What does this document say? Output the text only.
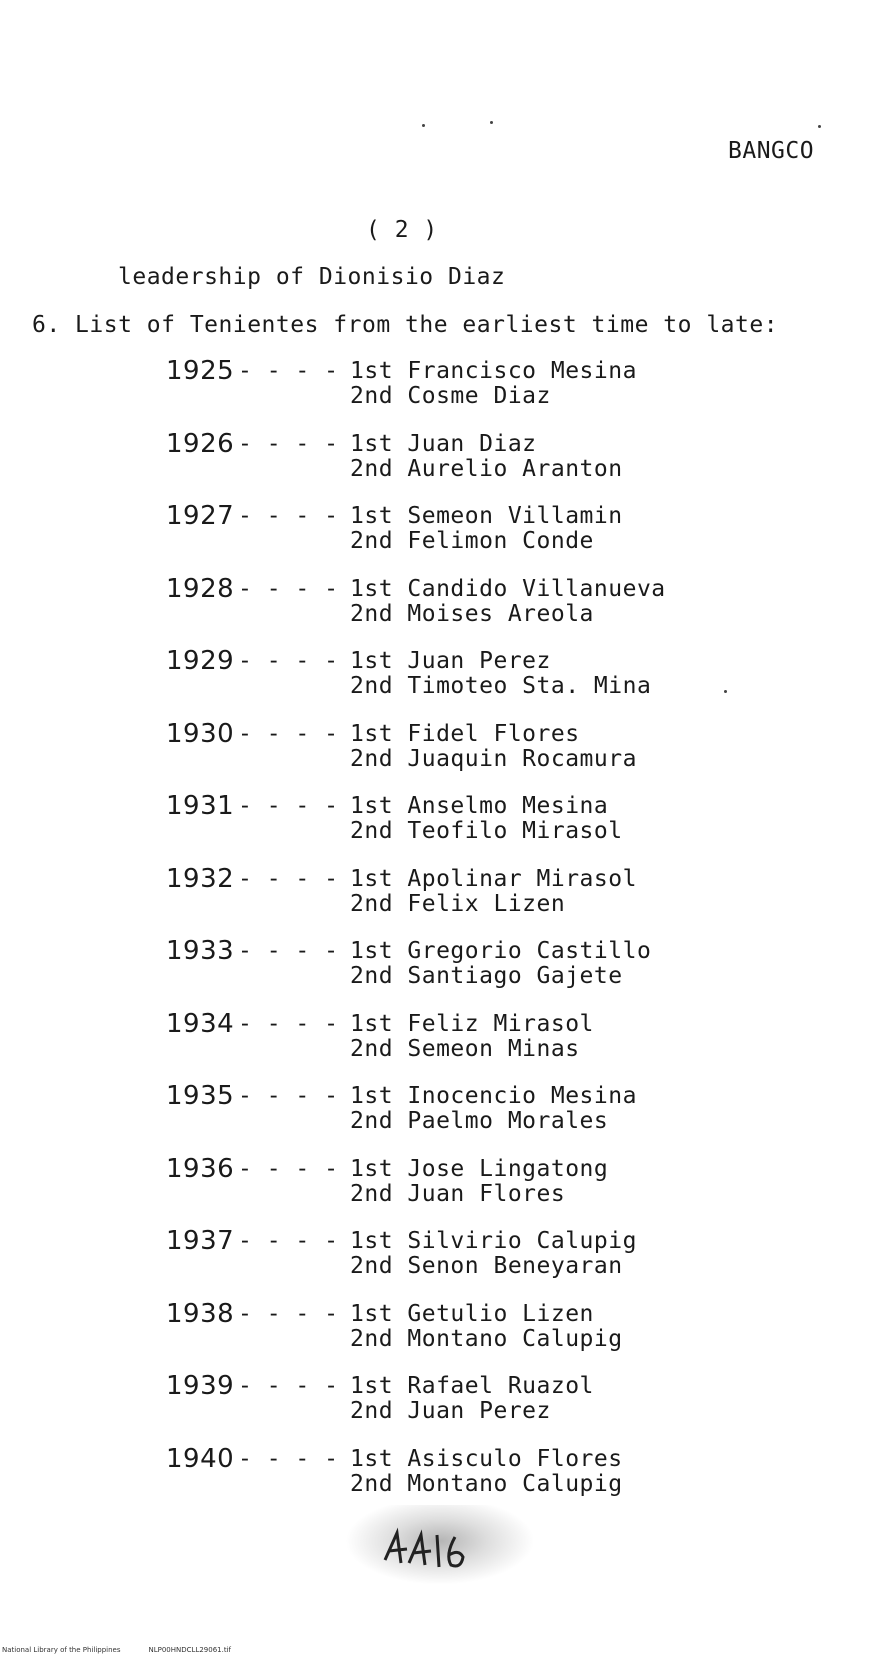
BANGCO
( 2 )
leadership of Dionisio Diaz
6. List of Tenientes from the earliest time to late:
1925 - - - - 1st Francisco Mesina
2nd Cosme Diaz
1926 - - - - 1st Juan Diaz
2nd Aurelio Aranton
1927 - - - - 1st Semeon Villamin
2nd Felimon Conde
1928 - - - - 1st Candido Villanueva
2nd Moises Areola
1929 - - - - 1st Juan Perez
2nd Timoteo Sta. Mina
1930 - - - - 1st Fidel Flores
2nd Juaquin Rocamura
1931 - - - - 1st Anselmo Mesina
2nd Teofilo Mirasol
1932 - - - - 1st Apolinar Mirasol
2nd Felix Lizen
1933 - - - - 1st Gregorio Castillo
2nd Santiago Gajete
1934 - - - - 1st Feliz Mirasol
2nd Semeon Minas
1935 - - - - 1st Inocencio Mesina
2nd Paelmo Morales
1936 - - - - 1st Jose Lingatong
2nd Juan Flores
1937 - - - - 1st Silvirio Calupig
2nd Senon Beneyaran
1938 - - - - 1st Getulio Lizen
2nd Montano Calupig
1939 - - - - 1st Rafael Ruazol
2nd Juan Perez
1940 - - - - 1st Asisculo Flores
2nd Montano Calupig
National Library of the Philippines	NLP00HNDCLL29061.tif
